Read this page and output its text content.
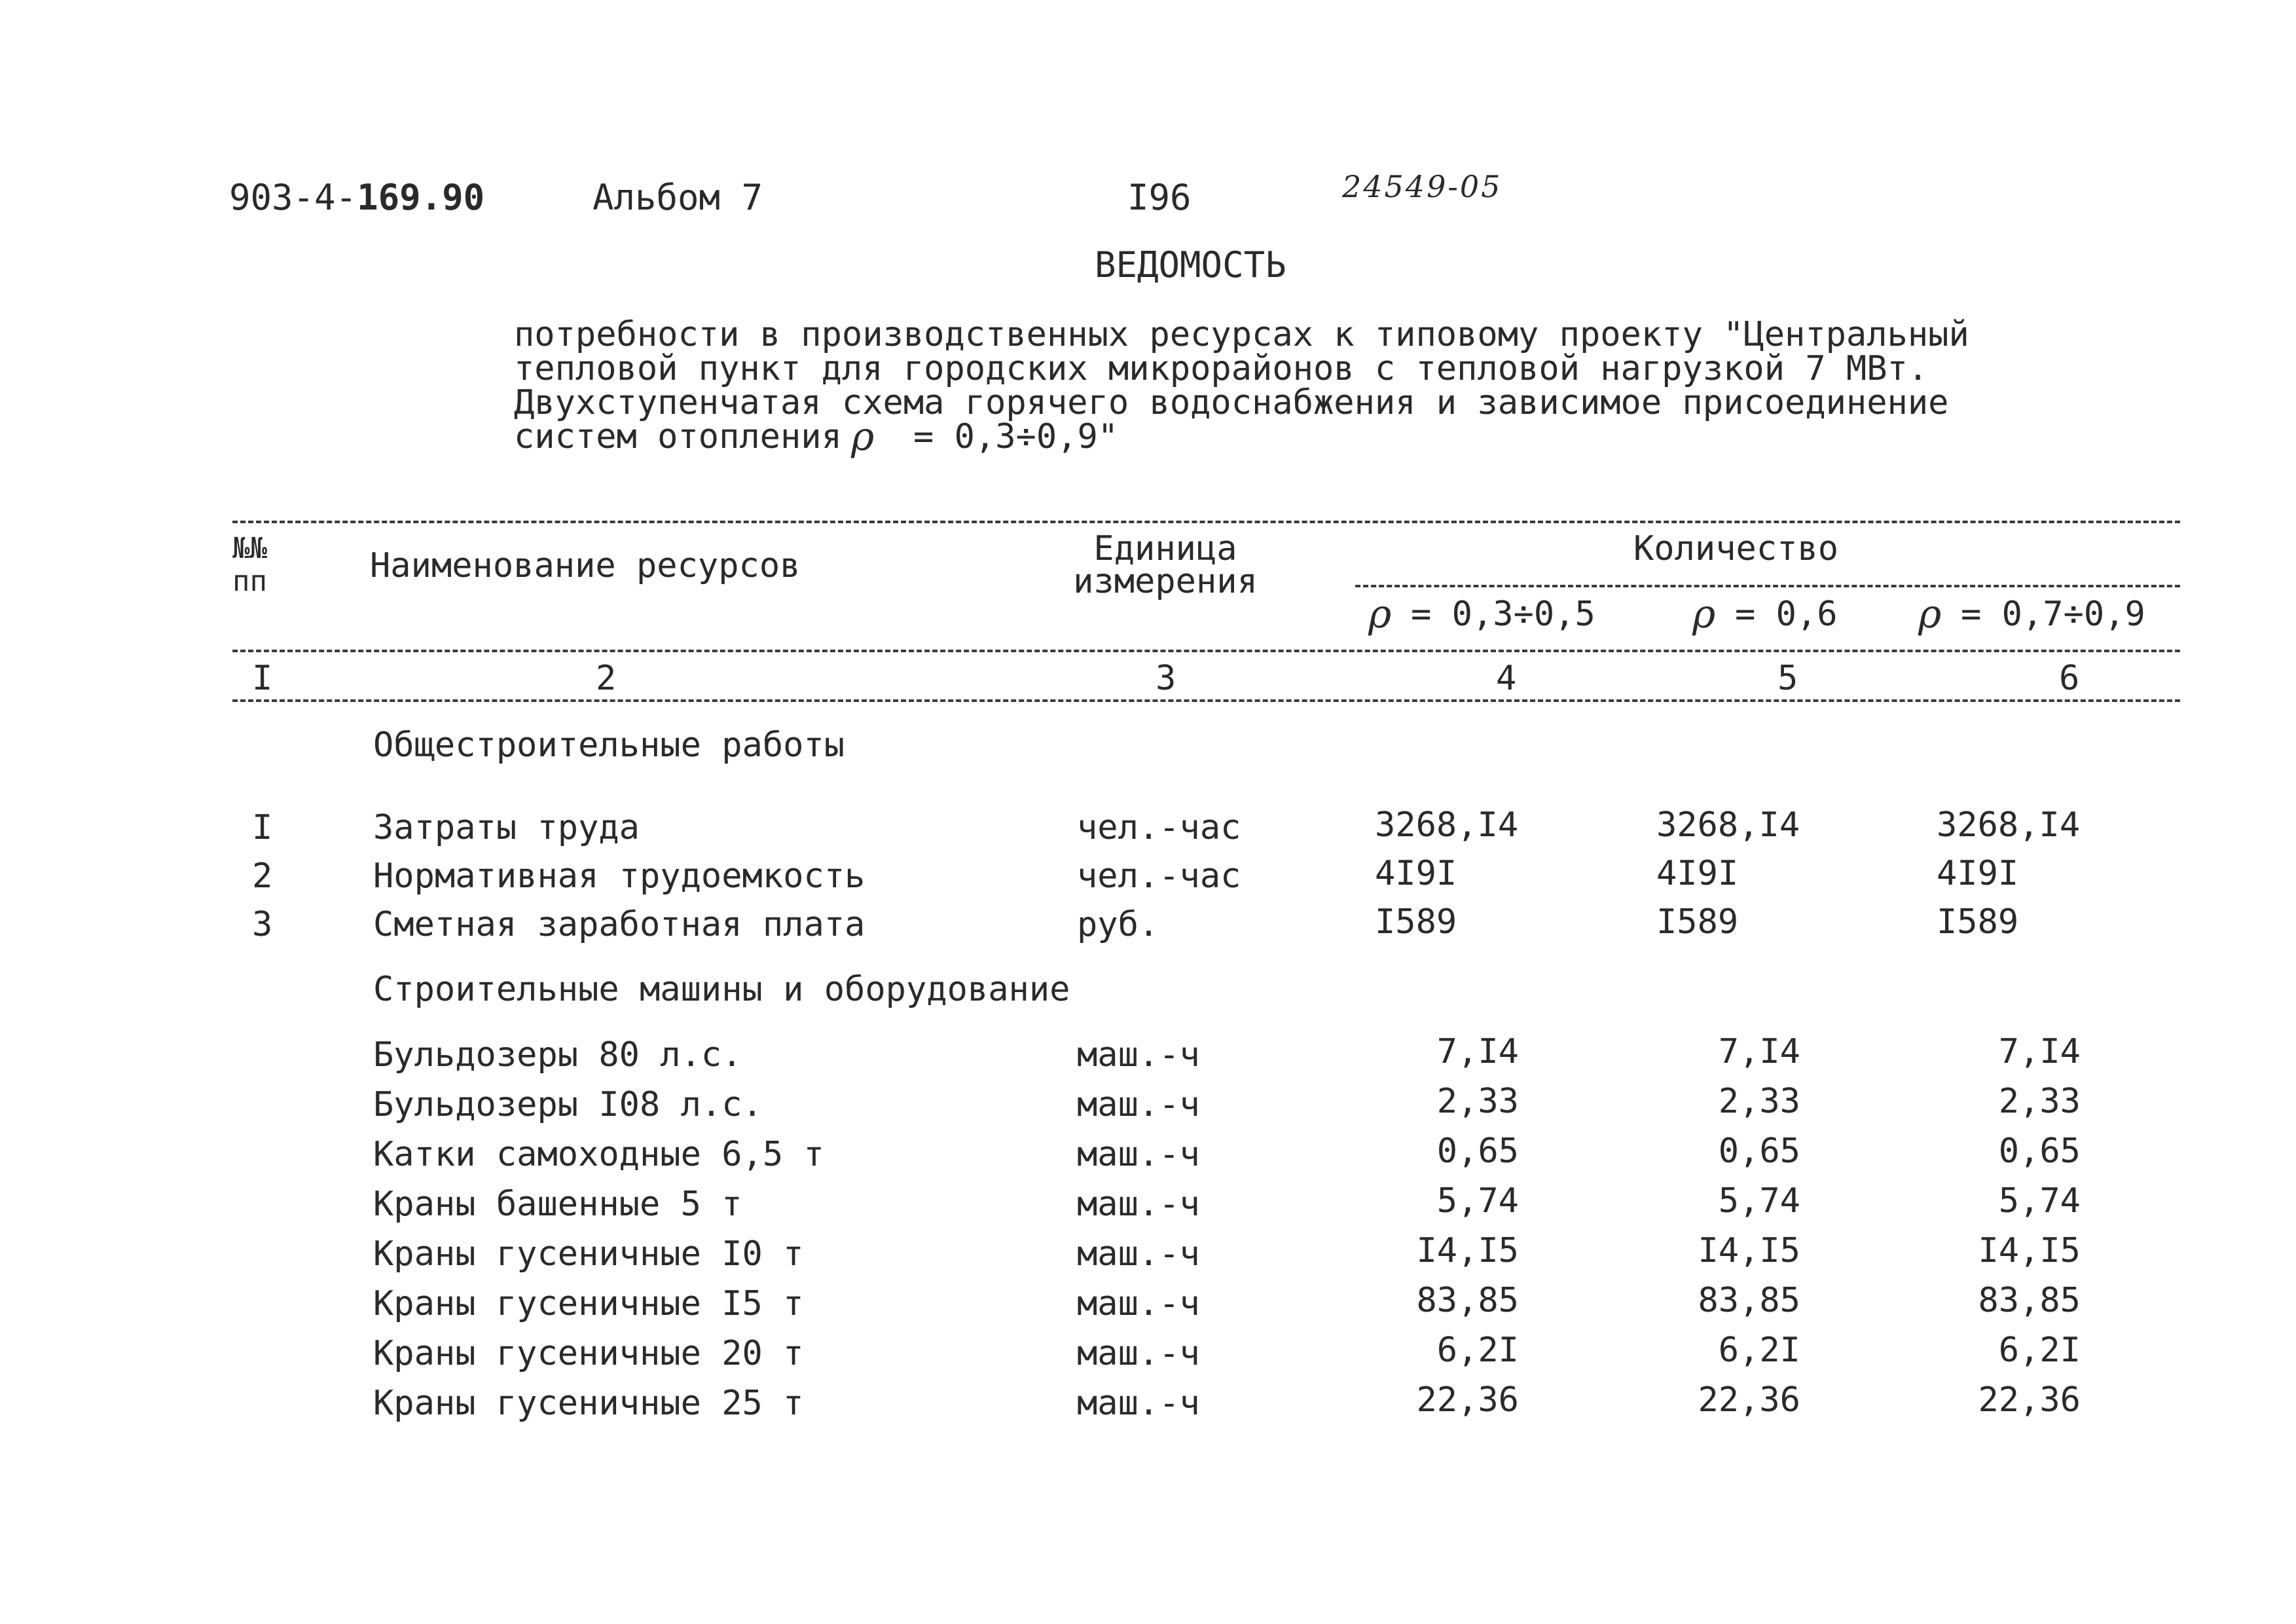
903-4-169.90	Альбом 7	I96	24549-05
ВЕДОМОСТЬ
потребности в производственных ресурсах к типовому проекту "Центральный
тепловой пункт для городских микрорайонов с тепловой нагрузкой 7 МВт.
Двухступенчатая схема горячего водоснабжения и зависимое присоединение
систем отопления ρ = 0,3÷0,9"
№№
пп	Наименование ресурсов	Единица
измерения
Количество
ρ = 0,3÷0,5 ρ = 0,6 ρ = 0,7÷0,9
I	2	3	4	5	6
Общестроительные работы
I	Затраты труда	чел.-час	3268,I4	3268,I4	3268,I4
2	Нормативная трудоемкость	чел.-час	4I9I	4I9I	4I9I
3	Сметная заработная плата	руб.	I589	I589	I589
Строительные машины и оборудование
Бульдозеры 80 л.с.	маш.-ч	7,I4	7,I4	7,I4
Бульдозеры I08 л.с.	маш.-ч	2,33	2,33	2,33
Катки самоходные 6,5 т	маш.-ч	0,65	0,65	0,65
Краны башенные 5 т	маш.-ч	5,74	5,74	5,74
Краны гусеничные I0 т	маш.-ч	I4,I5	I4,I5	I4,I5
Краны гусеничные I5 т	маш.-ч	83,85	83,85	83,85
Краны гусеничные 20 т	маш.-ч	6,2I	6,2I	6,2I
Краны гусеничные 25 т	маш.-ч	22,36	22,36	22,36
